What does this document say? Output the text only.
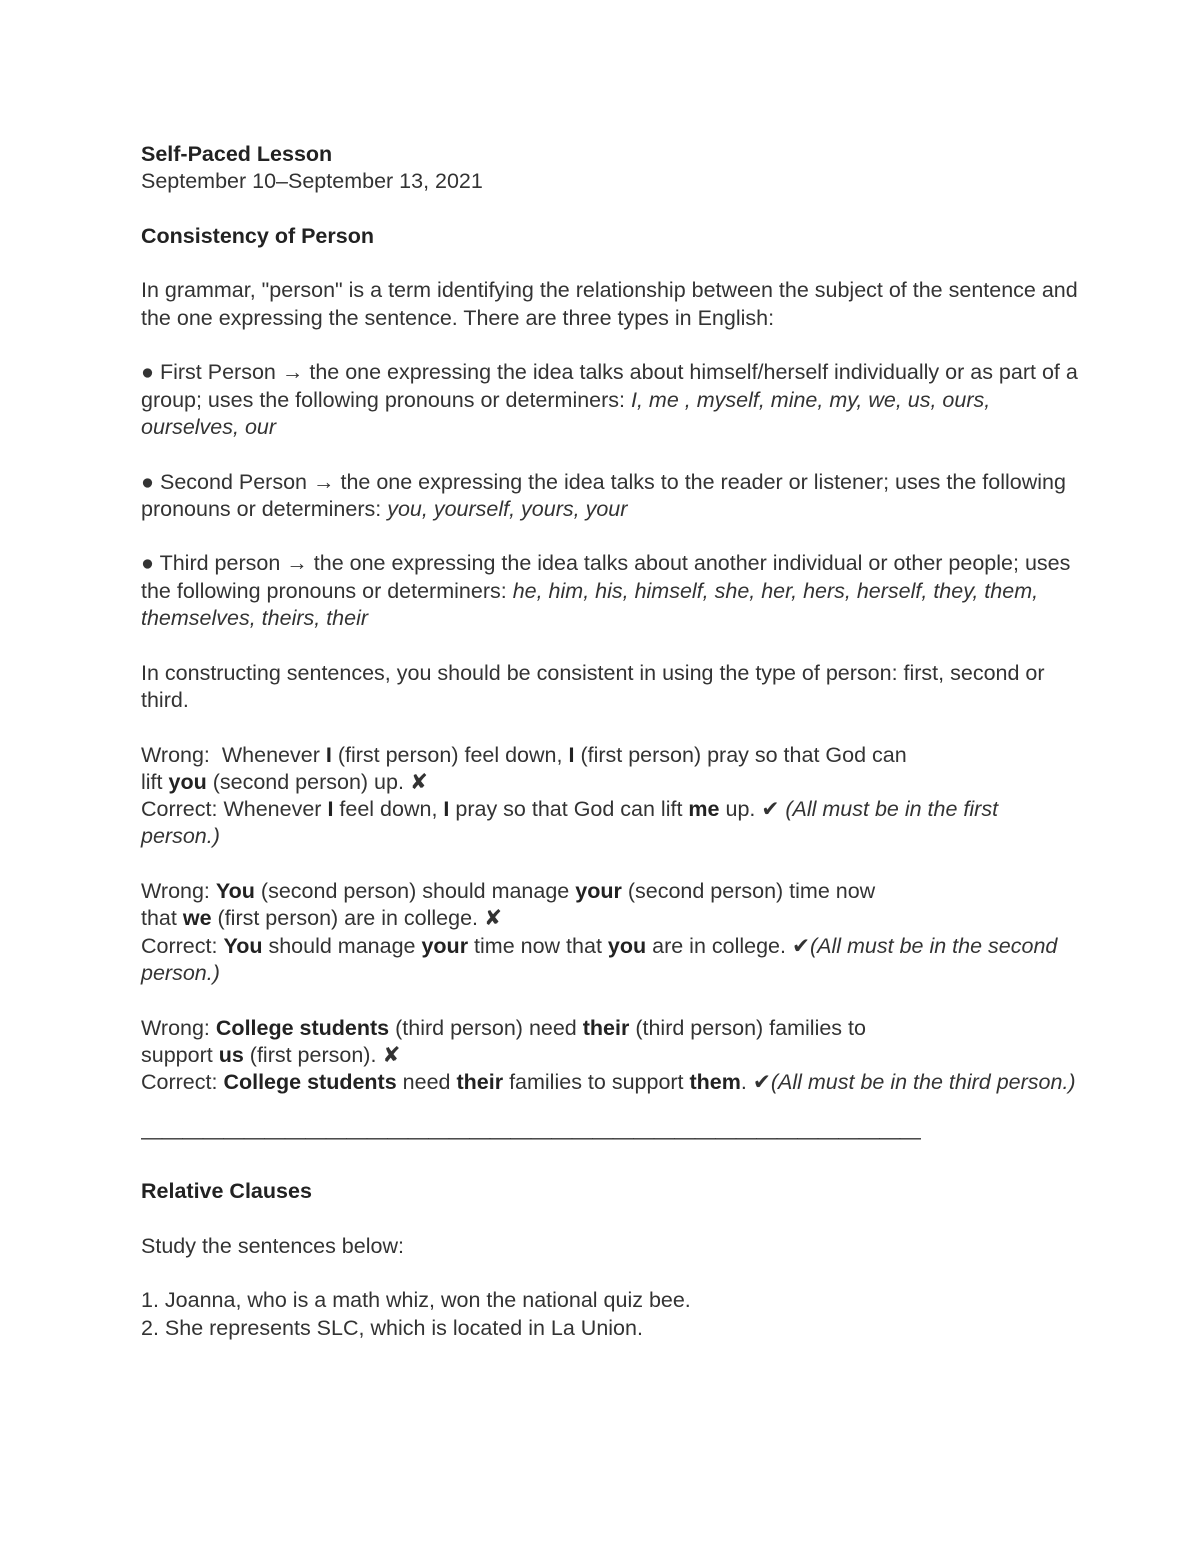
Self-Paced Lesson

September 10–September 13, 2021

Consistency of Person

In grammar, "person" is a term identifying the relationship between the subject of the sentence and the one expressing the sentence. There are three types in English:

● First Person → the one expressing the idea talks about himself/herself individually or as part of a group; uses the following pronouns or determiners: I, me , myself, mine, my, we, us, ours, ourselves, our

● Second Person → the one expressing the idea talks to the reader or listener; uses the following pronouns or determiners: you, yourself, yours, your

● Third person → the one expressing the idea talks about another individual or other people; uses the following pronouns or determiners: he, him, his, himself, she, her, hers, herself, they, them, themselves, theirs, their

In constructing sentences, you should be consistent in using the type of person: first, second or third.

Wrong: Whenever I (first person) feel down, I (first person) pray so that God can
lift you (second person) up. ✘

Correct: Whenever I feel down, I pray so that God can lift me up. ✔ (All must be in the first person.)

Wrong: You (second person) should manage your (second person) time now
that we (first person) are in college. ✘

Correct: You should manage your time now that you are in college. ✔(All must be in the second person.)

Wrong: College students (third person) need their (third person) families to
support us (first person). ✘

Correct: College students need their families to support them. ✔(All must be in the third person.)

——————————————————————————————————————

Relative Clauses

Study the sentences below:

1. Joanna, who is a math whiz, won the national quiz bee.

2. She represents SLC, which is located in La Union.
